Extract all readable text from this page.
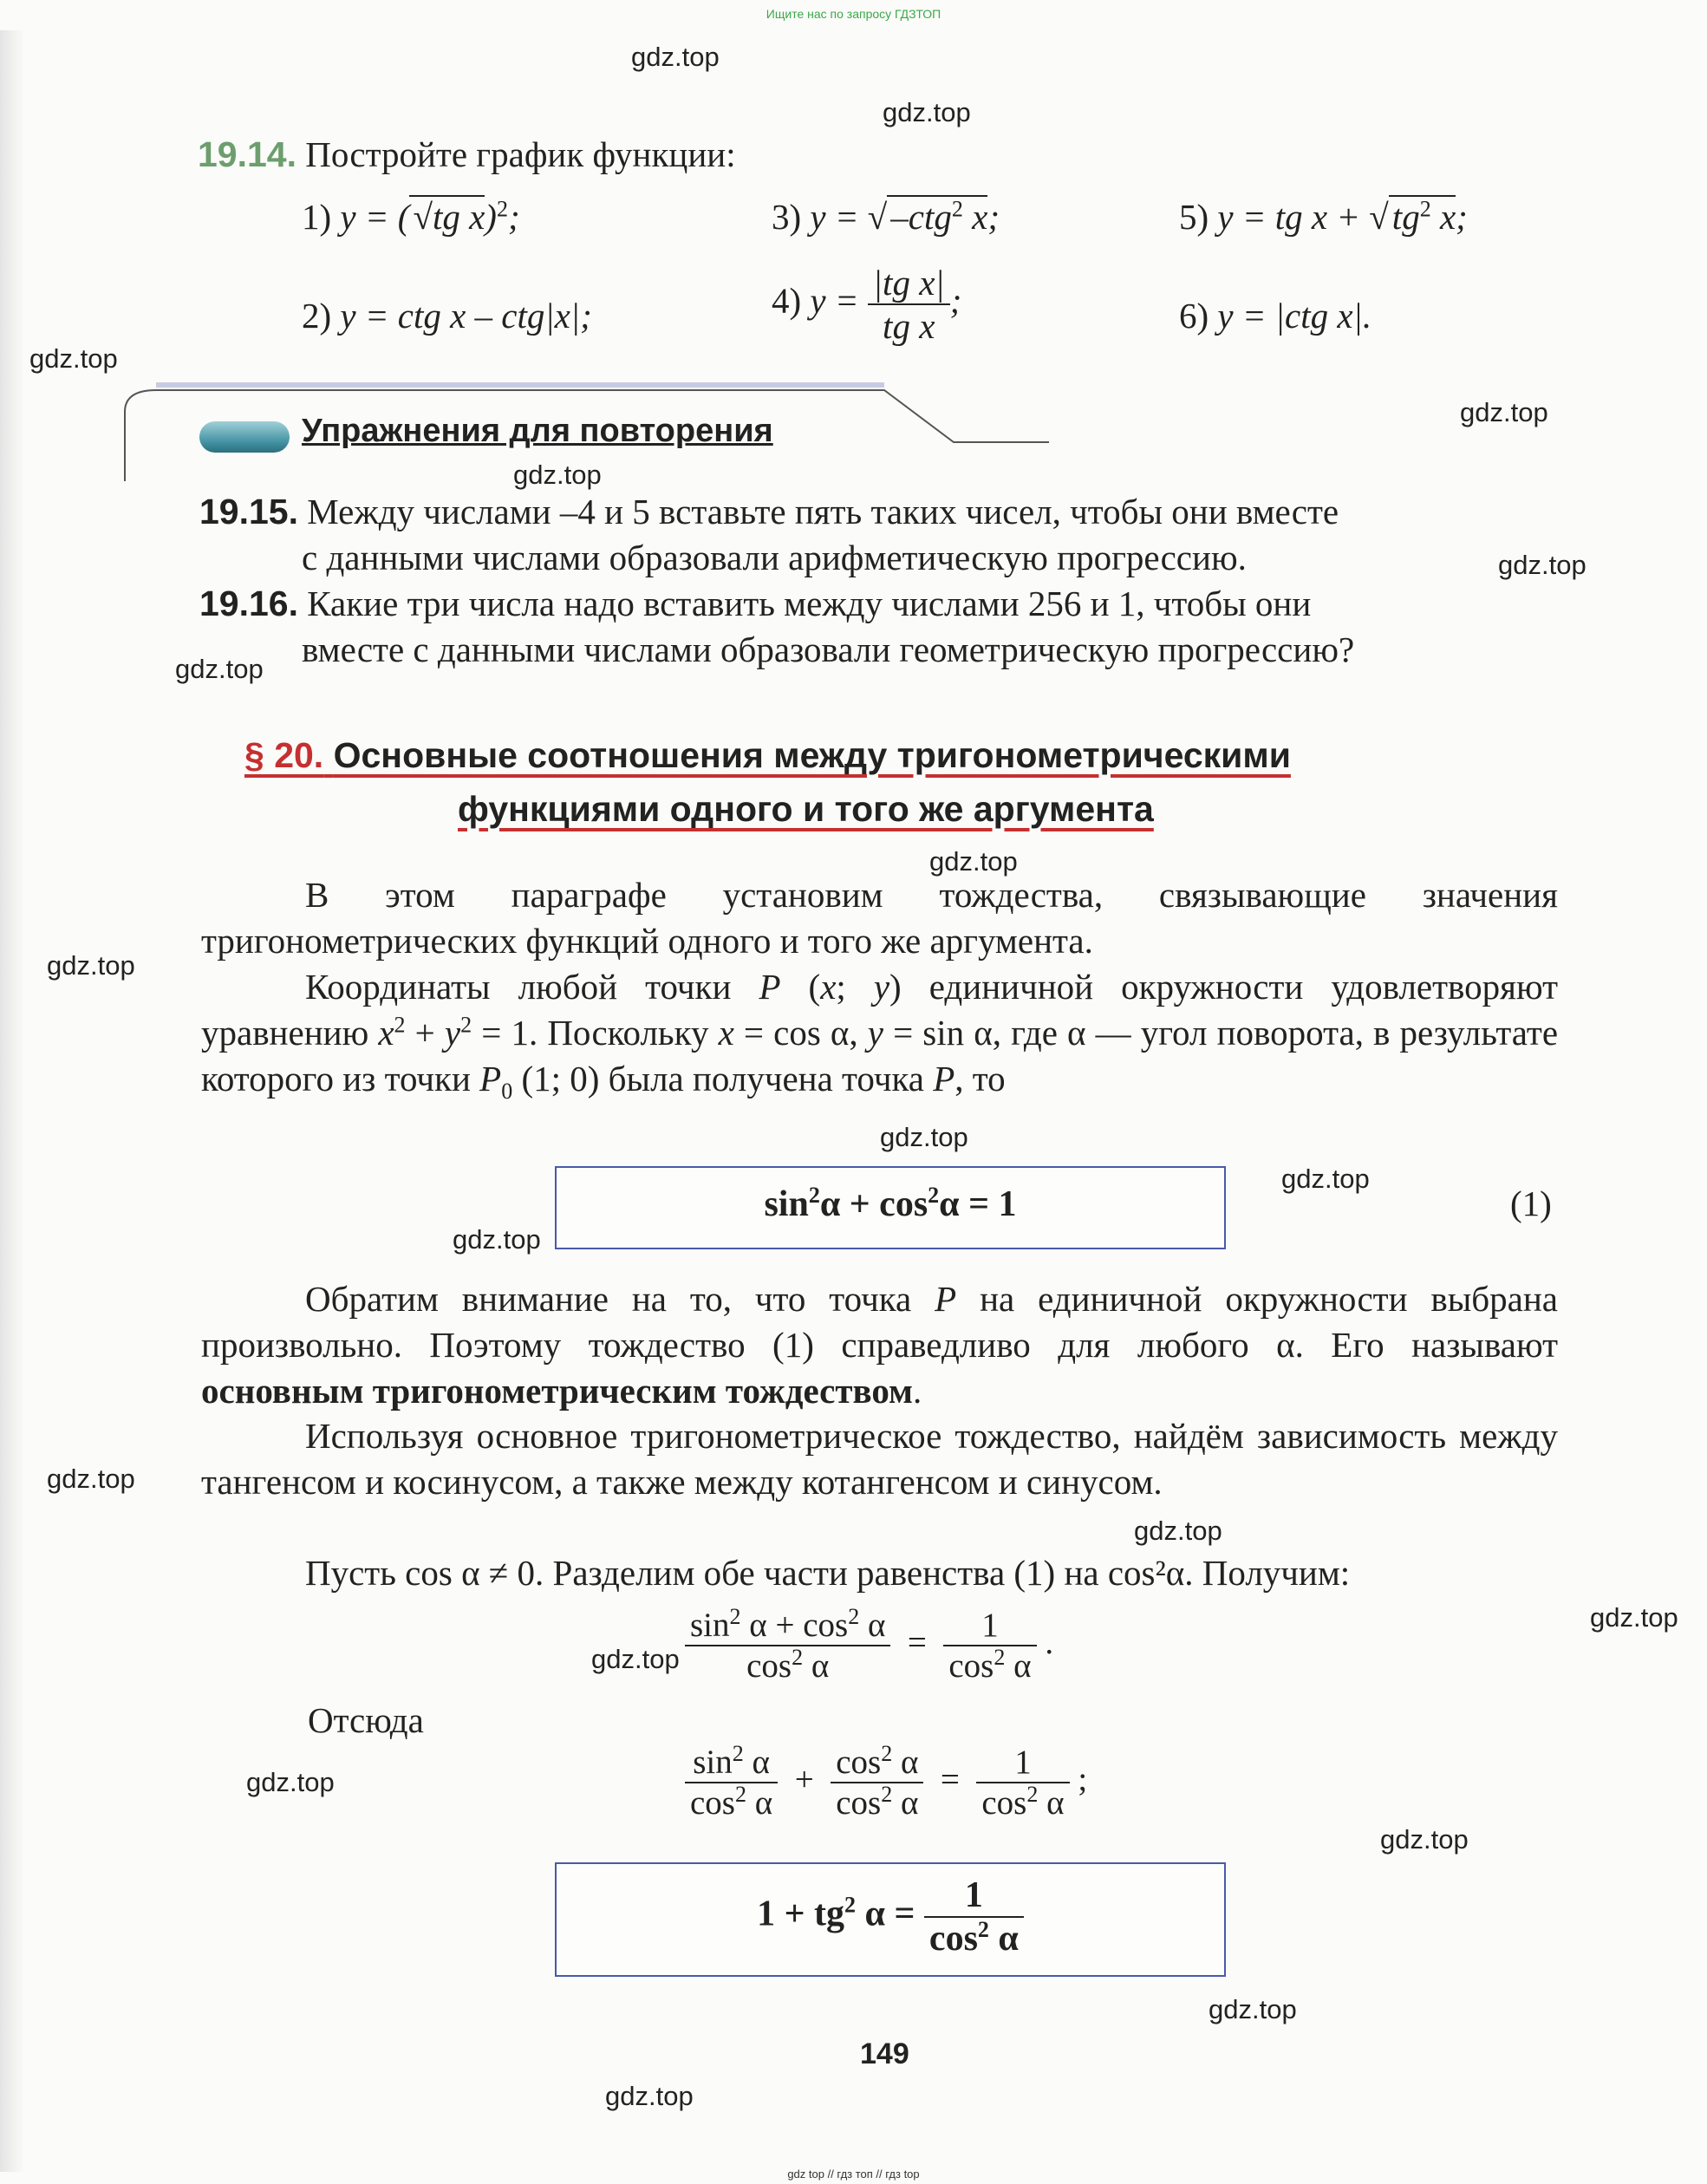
Ищите нас по запросу ГДЗТОП
19.14. Постройте график функции:
1) y = (√tg x)$^2$;	3) y = √–ctg$^2$ x;	5) y = tg $x + √tg^2$ x;
2) y = ctg x – ctg|x|;	4) $y = \frac{\text{|tg x|}}{\text{tg x}}$ ;	6) y = |ctg x|.
Упражнения для повторения
19.15. Между числами –4 и 5 вставьте пять таких чисел, чтобы они вместе
с данными числами образовали арифметическую прогрессию.
19.16. Какие три числа надо вставить между числами 256 и 1, чтобы они
вместе с данными числами образовали геометрическую прогрессию?
§ 20. Основные соотношения между тригонометрическими
функциями одного и того же аргумента
В этом параграфе установим тождества, связывающие значения тригонометрических функций одного и того же аргумента.
Координаты любой точки P (x; y) единичной окружности удовлетворяют уравнению $x^2 + y^2 = 1$. Поскольку x = cos α, y = sin α, где α — угол поворота, в результате которого из точки $P_0$ (1; 0) была получена точка P, то
$\sin^2\alpha + \cos^2\alpha = 1$	(1)
Обратим внимание на то, что точка P на единичной окружности выбрана произвольно. Поэтому тождество (1) справедливо для любого α. Его называют основным тригонометрическим тождеством.
Используя основное тригонометрическое тождество, найдём зависимость между тангенсом и косинусом, а также между котангенсом и синусом.
Пусть cos α ≠ 0. Разделим обе части равенства (1) на cos²α. Получим:
$\frac{\sin^2 \alpha + \cos^2 \alpha}{\cos^2 \alpha} = \frac{1}{\cos^2 \alpha}$ .
Отсюда
$\frac{\sin^2 \alpha}{\cos^2 \alpha} + \frac{\cos^2 \alpha}{\cos^2 \alpha} = \frac{1}{\cos^2 \alpha}$ ;
$1 + tg^2$ $\alpha = \frac{1}{\cos^2 \alpha}$
149
gdz.top
gdz.top
gdz.top
gdz.top
gdz.top
gdz.top
gdz.top
gdz.top
gdz.top
gdz.top
gdz.top
gdz.top
gdz.top
gdz.top
gdz.top
gdz.top
gdz.top
gdz.top
gdz.top
gdz.top
gdz top // гдз топ // гдз top
